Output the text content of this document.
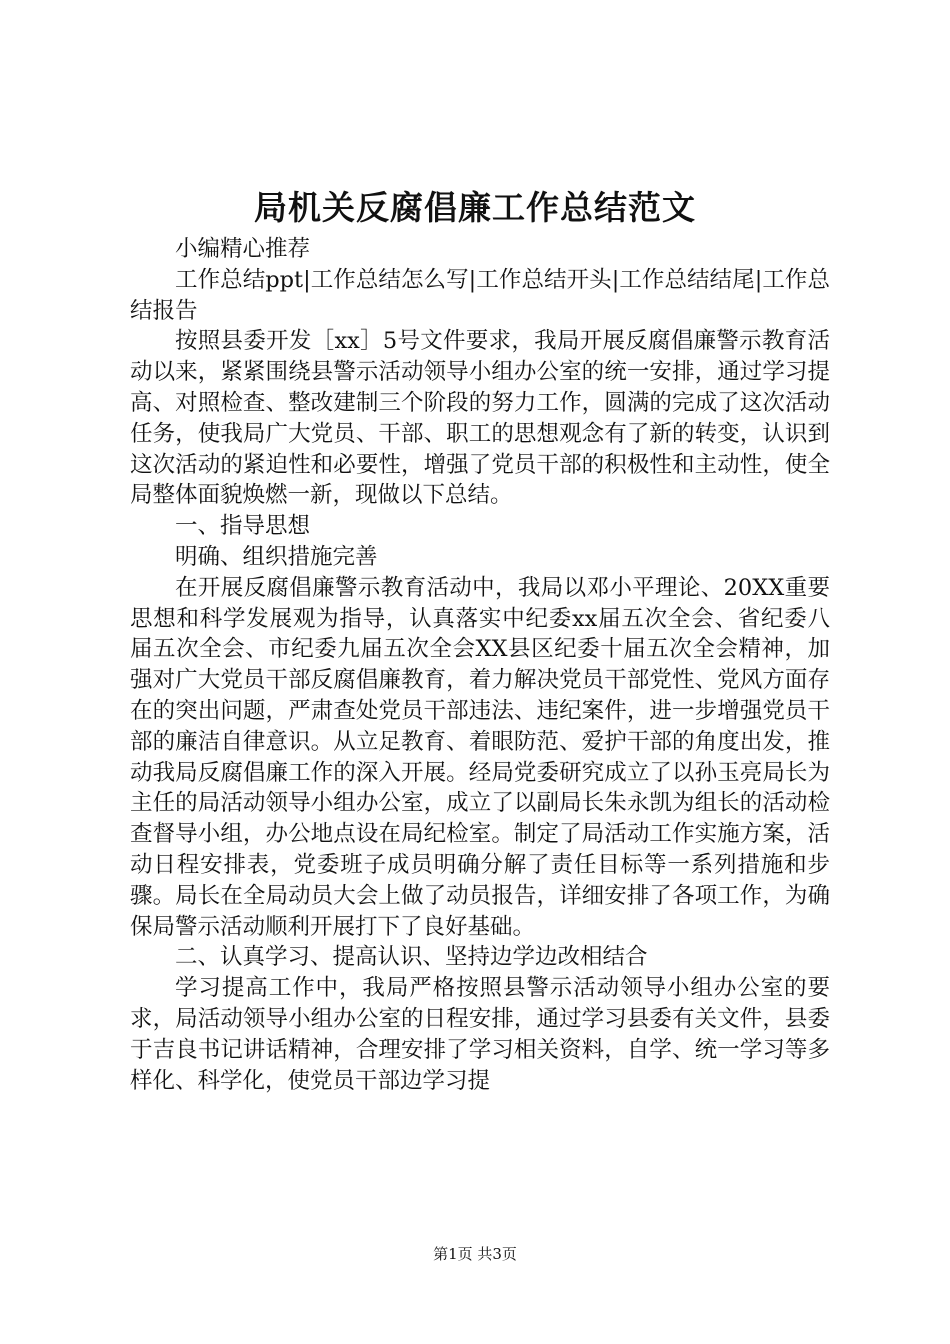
局机关反腐倡廉工作总结范文

小编精心推荐

工作总结ppt|工作总结怎么写|工作总结开头|工作总结结尾|工作总结报告

按照县委开发［xx］5号文件要求，我局开展反腐倡廉警示教育活动以来，紧紧围绕县警示活动领导小组办公室的统一安排，通过学习提高、对照检查、整改建制三个阶段的努力工作，圆满的完成了这次活动任务，使我局广大党员、干部、职工的思想观念有了新的转变，认识到这次活动的紧迫性和必要性，增强了党员干部的积极性和主动性，使全局整体面貌焕燃一新，现做以下总结。

一、指导思想

明确、组织措施完善

在开展反腐倡廉警示教育活动中，我局以邓小平理论、20XX重要思想和科学发展观为指导，认真落实中纪委xx届五次全会、省纪委八届五次全会、市纪委九届五次全会XX县区纪委十届五次全会精神，加强对广大党员干部反腐倡廉教育，着力解决党员干部党性、党风方面存在的突出问题，严肃查处党员干部违法、违纪案件，进一步增强党员干部的廉洁自律意识。从立足教育、着眼防范、爱护干部的角度出发，推动我局反腐倡廉工作的深入开展。经局党委研究成立了以孙玉亮局长为主任的局活动领导小组办公室，成立了以副局长朱永凯为组长的活动检查督导小组，办公地点设在局纪检室。制定了局活动工作实施方案，活动日程安排表，党委班子成员明确分解了责任目标等一系列措施和步骤。局长在全局动员大会上做了动员报告，详细安排了各项工作，为确保局警示活动顺利开展打下了良好基础。

二、认真学习、提高认识、坚持边学边改相结合

学习提高工作中，我局严格按照县警示活动领导小组办公室的要求，局活动领导小组办公室的日程安排，通过学习县委有关文件，县委于吉良书记讲话精神，合理安排了学习相关资料，自学、统一学习等多样化、科学化，使党员干部边学习提

第1页 共3页
